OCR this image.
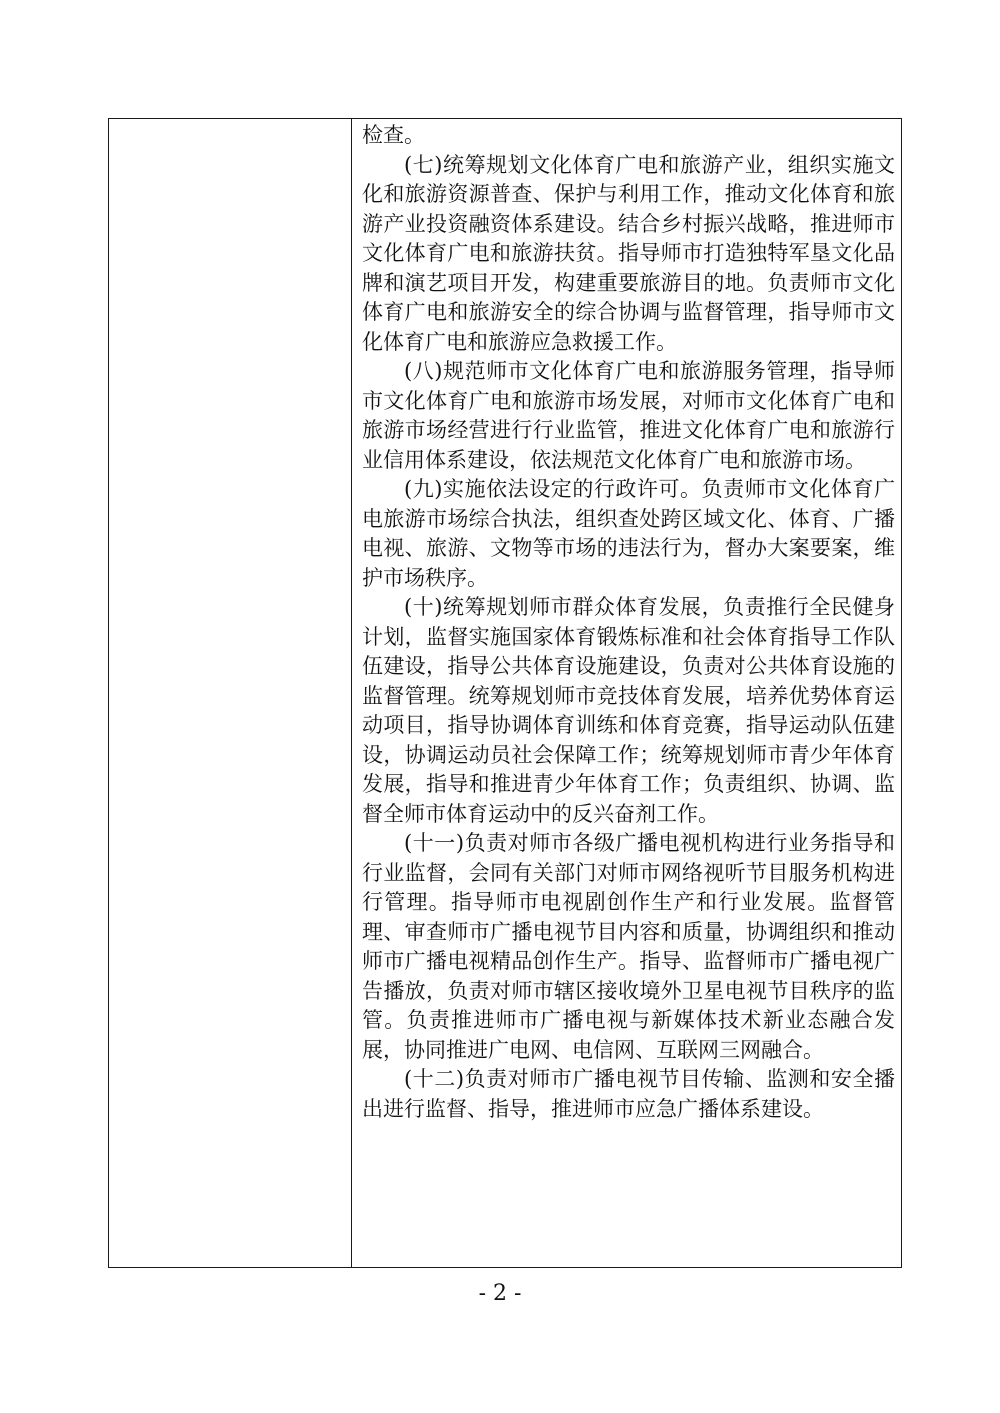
检查。

(七)统筹规划文化体育广电和旅游产业，组织实施文化和旅游资源普查、保护与利用工作，推动文化体育和旅游产业投资融资体系建设。结合乡村振兴战略，推进师市文化体育广电和旅游扶贫。指导师市打造独特军垦文化品牌和演艺项目开发，构建重要旅游目的地。负责师市文化体育广电和旅游安全的综合协调与监督管理，指导师市文化体育广电和旅游应急救援工作。

(八)规范师市文化体育广电和旅游服务管理，指导师市文化体育广电和旅游市场发展，对师市文化体育广电和旅游市场经营进行行业监管，推进文化体育广电和旅游行业信用体系建设，依法规范文化体育广电和旅游市场。

(九)实施依法设定的行政许可。负责师市文化体育广电旅游市场综合执法，组织查处跨区域文化、体育、广播电视、旅游、文物等市场的违法行为，督办大案要案，维护市场秩序。

(十)统筹规划师市群众体育发展，负责推行全民健身计划，监督实施国家体育锻炼标准和社会体育指导工作队伍建设，指导公共体育设施建设，负责对公共体育设施的监督管理。统筹规划师市竞技体育发展，培养优势体育运动项目，指导协调体育训练和体育竞赛，指导运动队伍建设，协调运动员社会保障工作；统筹规划师市青少年体育发展，指导和推进青少年体育工作；负责组织、协调、监督全师市体育运动中的反兴奋剂工作。

(十一)负责对师市各级广播电视机构进行业务指导和行业监督，会同有关部门对师市网络视听节目服务机构进行管理。指导师市电视剧创作生产和行业发展。监督管理、审查师市广播电视节目内容和质量，协调组织和推动师市广播电视精品创作生产。指导、监督师市广播电视广告播放，负责对师市辖区接收境外卫星电视节目秩序的监管。负责推进师市广播电视与新媒体技术新业态融合发展，协同推进广电网、电信网、互联网三网融合。

(十二)负责对师市广播电视节目传输、监测和安全播出进行监督、指导，推进师市应急广播体系建设。

- 2 -
